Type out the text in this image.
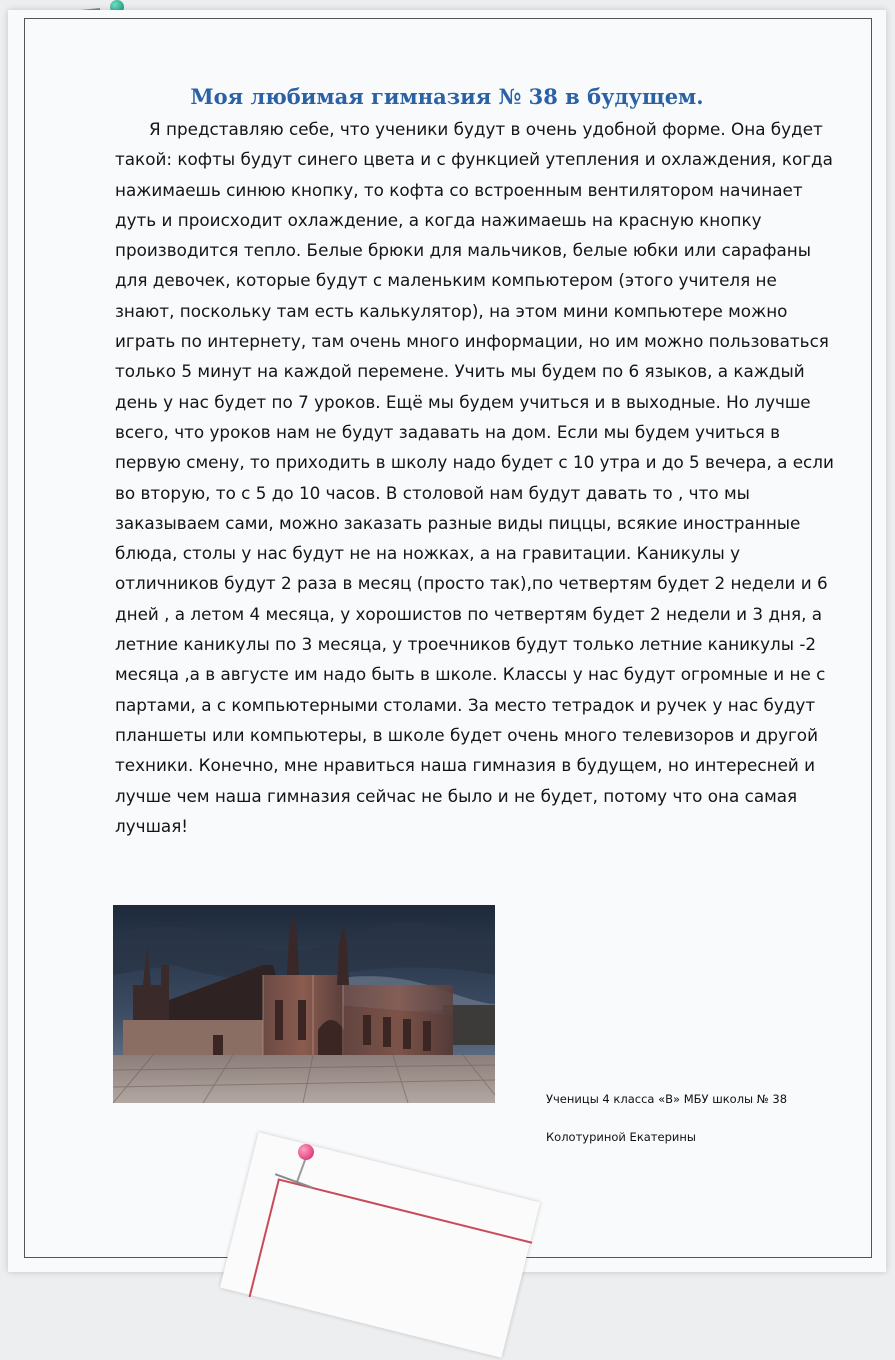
Моя любимая гимназия № 38 в будущем.

Я представляю себе, что ученики будут в очень удобной форме. Она будет такой: кофты будут синего цвета и с функцией утепления и охлаждения, когда нажимаешь синюю кнопку, то кофта со встроенным вентилятором начинает дуть и происходит охлаждение, а когда нажимаешь на красную кнопку производится тепло. Белые брюки для мальчиков, белые юбки или сарафаны для девочек, которые будут с маленьким компьютером (этого учителя не знают, поскольку там есть калькулятор), на этом мини компьютере можно играть по интернету, там очень много информации, но им можно пользоваться только 5 минут на каждой перемене. Учить мы будем по 6 языков, а каждый день у нас будет по 7 уроков. Ещё мы будем учиться и в выходные. Но лучше всего, что уроков нам не будут задавать на дом. Если мы будем учиться в первую смену, то приходить в школу надо будет с 10 утра и до 5 вечера, а если во вторую, то с 5 до 10 часов. В столовой нам будут давать то , что мы заказываем сами, можно заказать разные виды пиццы, всякие иностранные блюда, столы у нас будут не на ножках, а на гравитации. Каникулы у отличников будут 2 раза в месяц (просто так),по четвертям будет 2 недели и 6 дней , а летом 4 месяца, у хорошистов по четвертям будет 2 недели и 3 дня, а летние каникулы по 3 месяца, у троечников будут только летние каникулы -2 месяца ,а в августе им надо быть в школе. Классы у нас будут огромные и не с партами, а с компьютерными столами. За место тетрадок и ручек у нас будут планшеты или компьютеры, в школе будет очень много телевизоров и другой техники. Конечно, мне нравиться наша гимназия в будущем, но интересней и лучше чем наша гимназия сейчас не было и не будет, потому что она самая лучшая!

Ученицы 4 класса «В» МБУ школы № 38
Колотуриной Екатерины
